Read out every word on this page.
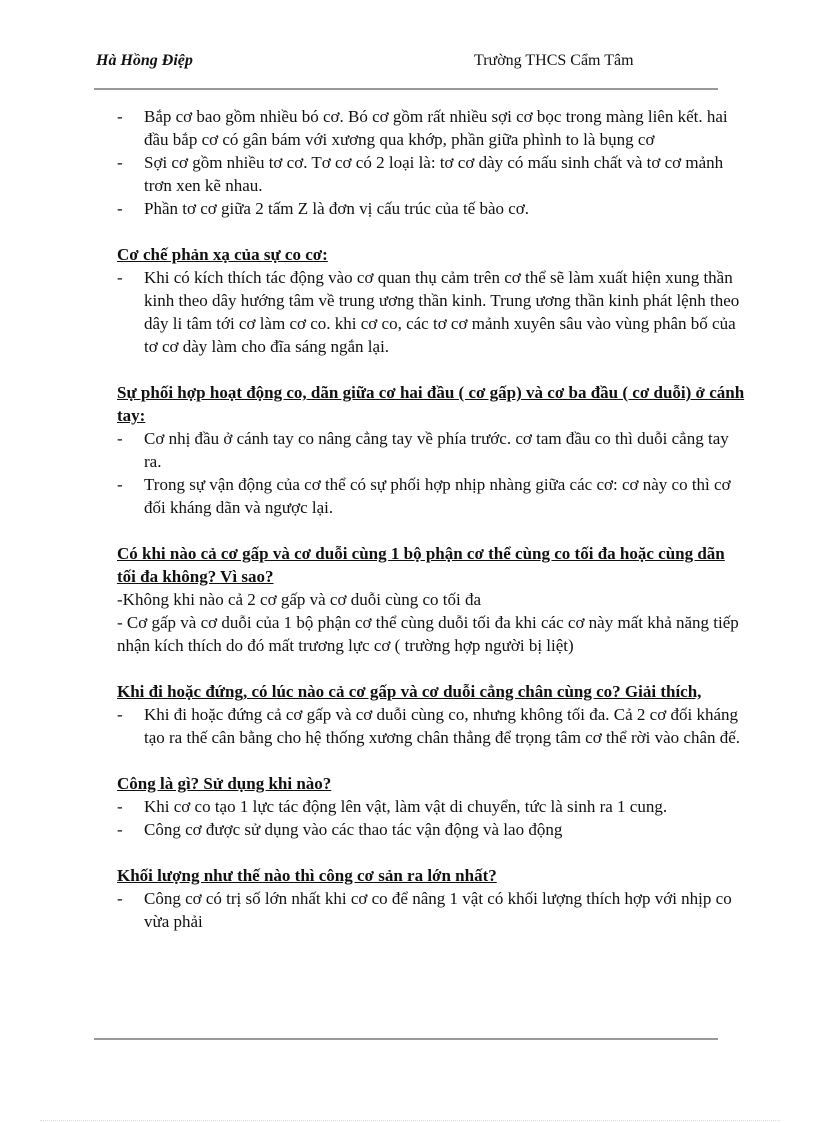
Hà Hồng Điệp	Trường THCS Cẩm Tâm
- Bắp cơ bao gồm nhiều bó cơ. Bó cơ gồm rất nhiều sợi cơ bọc trong màng liên kết. hai đầu bắp cơ có gân bám với xương qua khớp, phần giữa phình to là bụng cơ
- Sợi cơ gồm nhiều tơ cơ. Tơ cơ có 2 loại là: tơ cơ dày có mấu sinh chất và tơ cơ mảnh trơn xen kẽ nhau.
- Phần tơ cơ giữa 2 tấm Z là đơn vị cấu trúc của tế bào cơ.
Cơ chế phản xạ của sự co cơ:
- Khi có kích thích tác động vào cơ quan thụ cảm trên cơ thể sẽ làm xuất hiện xung thần kinh theo dây hướng tâm về trung ương thần kinh. Trung ương thần kinh phát lệnh theo dây li tâm tới cơ làm cơ co. khi cơ co, các tơ cơ mảnh xuyên sâu vào vùng phân bố của tơ cơ dày làm cho đĩa sáng ngắn lại.
Sự phối hợp hoạt động co, dãn giữa cơ hai đầu ( cơ gấp) và cơ ba đầu ( cơ duỗi) ở cánh tay:
- Cơ nhị đầu ở cánh tay co nâng cẳng tay về phía trước. cơ tam đầu co thì duỗi cẳng tay ra.
- Trong sự vận động của cơ thể có sự phối hợp nhịp nhàng giữa các cơ: cơ này co thì cơ đối kháng dãn và ngược lại.
Có khi nào cả cơ gấp và cơ duỗi cùng 1 bộ phận cơ thể cùng co tối đa hoặc cùng dãn tối đa không? Vì sao?
-Không khi nào cả 2 cơ gấp và cơ duỗi cùng co tối đa
- Cơ gấp và cơ duỗi của 1 bộ phận cơ thể cùng duỗi tối đa khi các cơ này mất khả năng tiếp nhận kích thích do đó mất trương lực cơ ( trường hợp người bị liệt)
Khi đi hoặc đứng, có lúc nào cả cơ gấp và cơ duỗi cẳng chân cùng co? Giải thích,
- Khi đi hoặc đứng cả cơ gấp và cơ duỗi cùng co, nhưng không tối đa. Cả 2 cơ đối kháng tạo ra thế cân bằng cho hệ thống xương chân thẳng để trọng tâm cơ thể rời vào chân đế.
Công là gì? Sử dụng khi nào?
- Khi cơ co tạo 1 lực tác động lên vật, làm vật di chuyển, tức là sinh ra 1 cung.
- Công cơ được sử dụng vào các thao tác vận động và lao động
Khối lượng như thế nào thì công cơ sản ra lớn nhất?
- Công cơ có trị số lớn nhất khi cơ co để nâng 1 vật có khối lượng thích hợp với nhịp co vừa phải
